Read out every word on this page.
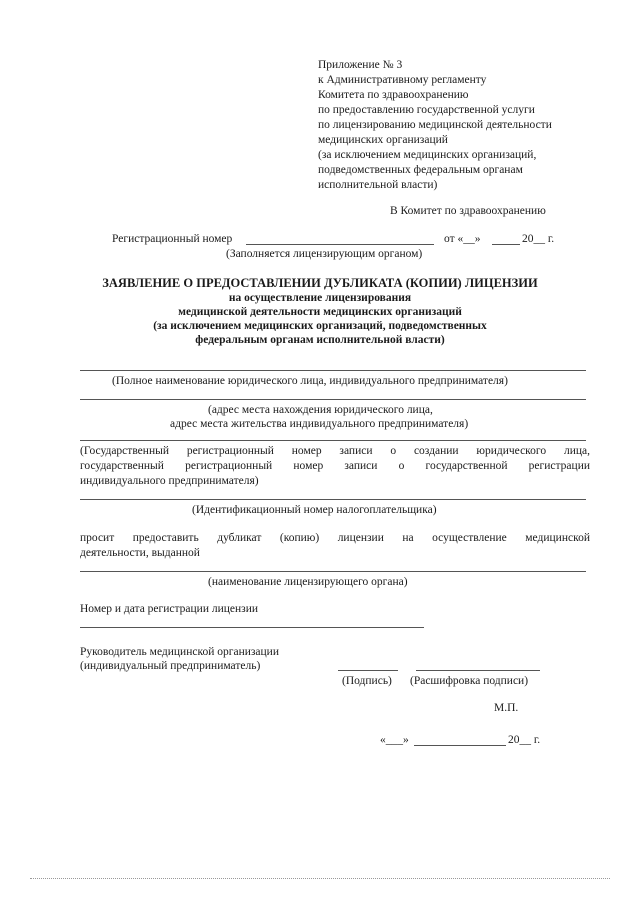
Приложение № 3
к Административному регламенту
Комитета по здравоохранению
по предоставлению государственной услуги
по лицензированию медицинской деятельности
медицинских организаций
(за исключением медицинских организаций,
подведомственных федеральным органам
исполнительной власти)
В Комитет по здравоохранению
Регистрационный номер	от «__»	20__ г.
(Заполняется лицензирующим органом)
ЗАЯВЛЕНИЕ О ПРЕДОСТАВЛЕНИИ ДУБЛИКАТА (КОПИИ) ЛИЦЕНЗИИ
на осуществление лицензирования
медицинской деятельности медицинских организаций
(за исключением медицинских организаций, подведомственных
федеральным органам исполнительной власти)
(Полное наименование юридического лица, индивидуального предпринимателя)
(адрес места нахождения юридического лица,
адрес места жительства индивидуального предпринимателя)
(Государственный регистрационный номер записи о создании юридического лица,
государственный регистрационный номер записи о государственной регистрации
индивидуального предпринимателя)
(Идентификационный номер налогоплательщика)
просит предоставить дубликат (копию) лицензии на осуществление медицинской
деятельности, выданной
(наименование лицензирующего органа)
Номер и дата регистрации лицензии
Руководитель медицинской организации
(индивидуальный предприниматель)
(Подпись) (Расшифровка подписи)
М.П.
«___»	20__ г.
